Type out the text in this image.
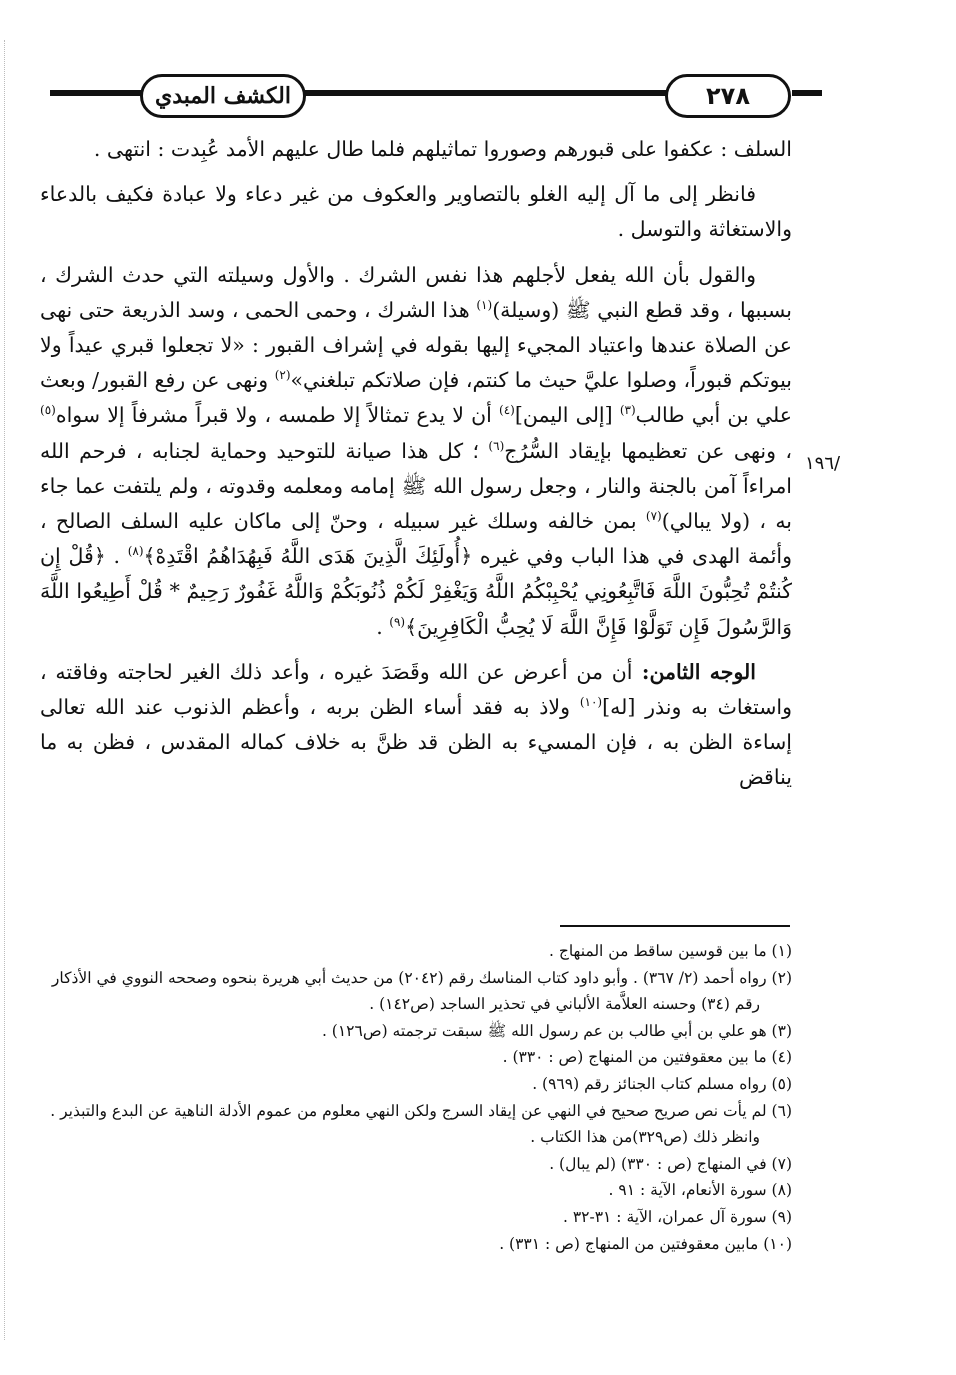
الكشف المبدي	٢٧٨
/١٩٦

السلف : عكفوا على قبورهم وصوروا تماثيلهم فلما طال عليهم الأمد عُبِدت : انتهى .

فانظر إلى ما آل إليه الغلو بالتصاوير والعكوف من غير دعاء ولا عبادة فكيف بالدعاء والاستغاثة والتوسل .

والقول بأن الله يفعل لأجلهم هذا نفس الشرك . والأول وسيلته التي حدث الشرك ، بسببها ، وقد قطع النبي ﷺ (وسيلة)$^{(١)}$ هذا الشرك ، وحمى الحمى ، وسد الذريعة حتى نهى عن الصلاة عندها واعتياد المجيء إليها بقوله في إشراف القبور : «لا تجعلوا قبري عيداً ولا بيوتكم قبوراً، وصلوا عليَّ حيث ما كنتم، فإن صلاتكم تبلغني»$^{(٢)}$ ونهى عن رفع القبور/ وبعث علي بن أبي طالب$^{(٣)}$ [إلى اليمن]$^{(٤)}$ أن لا يدع تمثالاً إلا طمسه ، ولا قبراً مشرفاً إلا سواه$^{(٥)}$ ، ونهى عن تعظيمها بإيقاد السُّرُج$^{(٦)}$ ؛ كل هذا صيانة للتوحيد وحماية لجنابه ، فرحم الله امراءاً آمن بالجنة والنار ، وجعل رسول الله ﷺ إمامه ومعلمه وقدوته ، ولم يلتفت عما جاء به ، (ولا يبالي)$^{(٧)}$ بمن خالفه وسلك غير سبيله ، وحنّ إلى ماكان عليه السلف الصالح ، وأئمة الهدى في هذا الباب وفي غيره ﴿أُولَئِكَ الَّذِينَ هَدَى اللَّهُ فَبِهُدَاهُمُ اقْتَدِهْ﴾$^{(٨)}$ . ﴿قُلْ إِن كُنتُمْ تُحِبُّونَ اللَّهَ فَاتَّبِعُونِي يُحْبِبْكُمُ اللَّهُ وَيَغْفِرْ لَكُمْ ذُنُوبَكُمْ وَاللَّهُ غَفُورٌ رَحِيمٌ * قُلْ أَطِيعُوا اللَّهَ وَالرَّسُولَ فَإِن تَوَلَّوْا فَإِنَّ اللَّهَ لَا يُحِبُّ الْكَافِرِينَ﴾$^{(٩)}$ .

الوجه الثامن: أن من أعرض عن الله وقَصَدَ غيره ، وأعد ذلك الغير لحاجته وفاقته ، واستغاث به ونذر [له]$^{(١٠)}$ ولاذ به فقد أساء الظن بربه ، وأعظم الذنوب عند الله تعالى إساءة الظن به ، فإن المسيء به الظن قد ظنَّ به خلاف كماله المقدس ، فظن به ما يناقض

(١) ما بين قوسين ساقط من المنهاج .

(٢) رواه أحمد (٢/ ٣٦٧) . وأبو داود كتاب المناسك رقم (٢٠٤٢) من حديث أبي هريرة بنحوه وصححه النووي في الأذكار رقم (٣٤) وحسنه العلاَّمة الألباني في تحذير الساجد (ص١٤٢) .

(٣) هو علي بن أبي طالب بن عم رسول الله ﷺ سبقت ترجمته (ص١٢٦) .

(٤) ما بين معقوفتين من المنهاج (ص : ٣٣٠) .

(٥) رواه مسلم كتاب الجنائز رقم (٩٦٩) .

(٦) لم يأت نص صريح صحيح في النهي عن إيقاد السرج ولكن النهي معلوم من عموم الأدلة الناهية عن البدع والتبذير . وانظر ذلك (ص٣٢٩)من هذا الكتاب .

(٧) في المنهاج (ص : ٣٣٠) (لم يبال) .

(٨) سورة الأنعام، الآية : ٩١ .

(٩) سورة آل عمران، الآية : ٣١-٣٢ .

(١٠) مابين معقوفتين من المنهاج (ص : ٣٣١) .
